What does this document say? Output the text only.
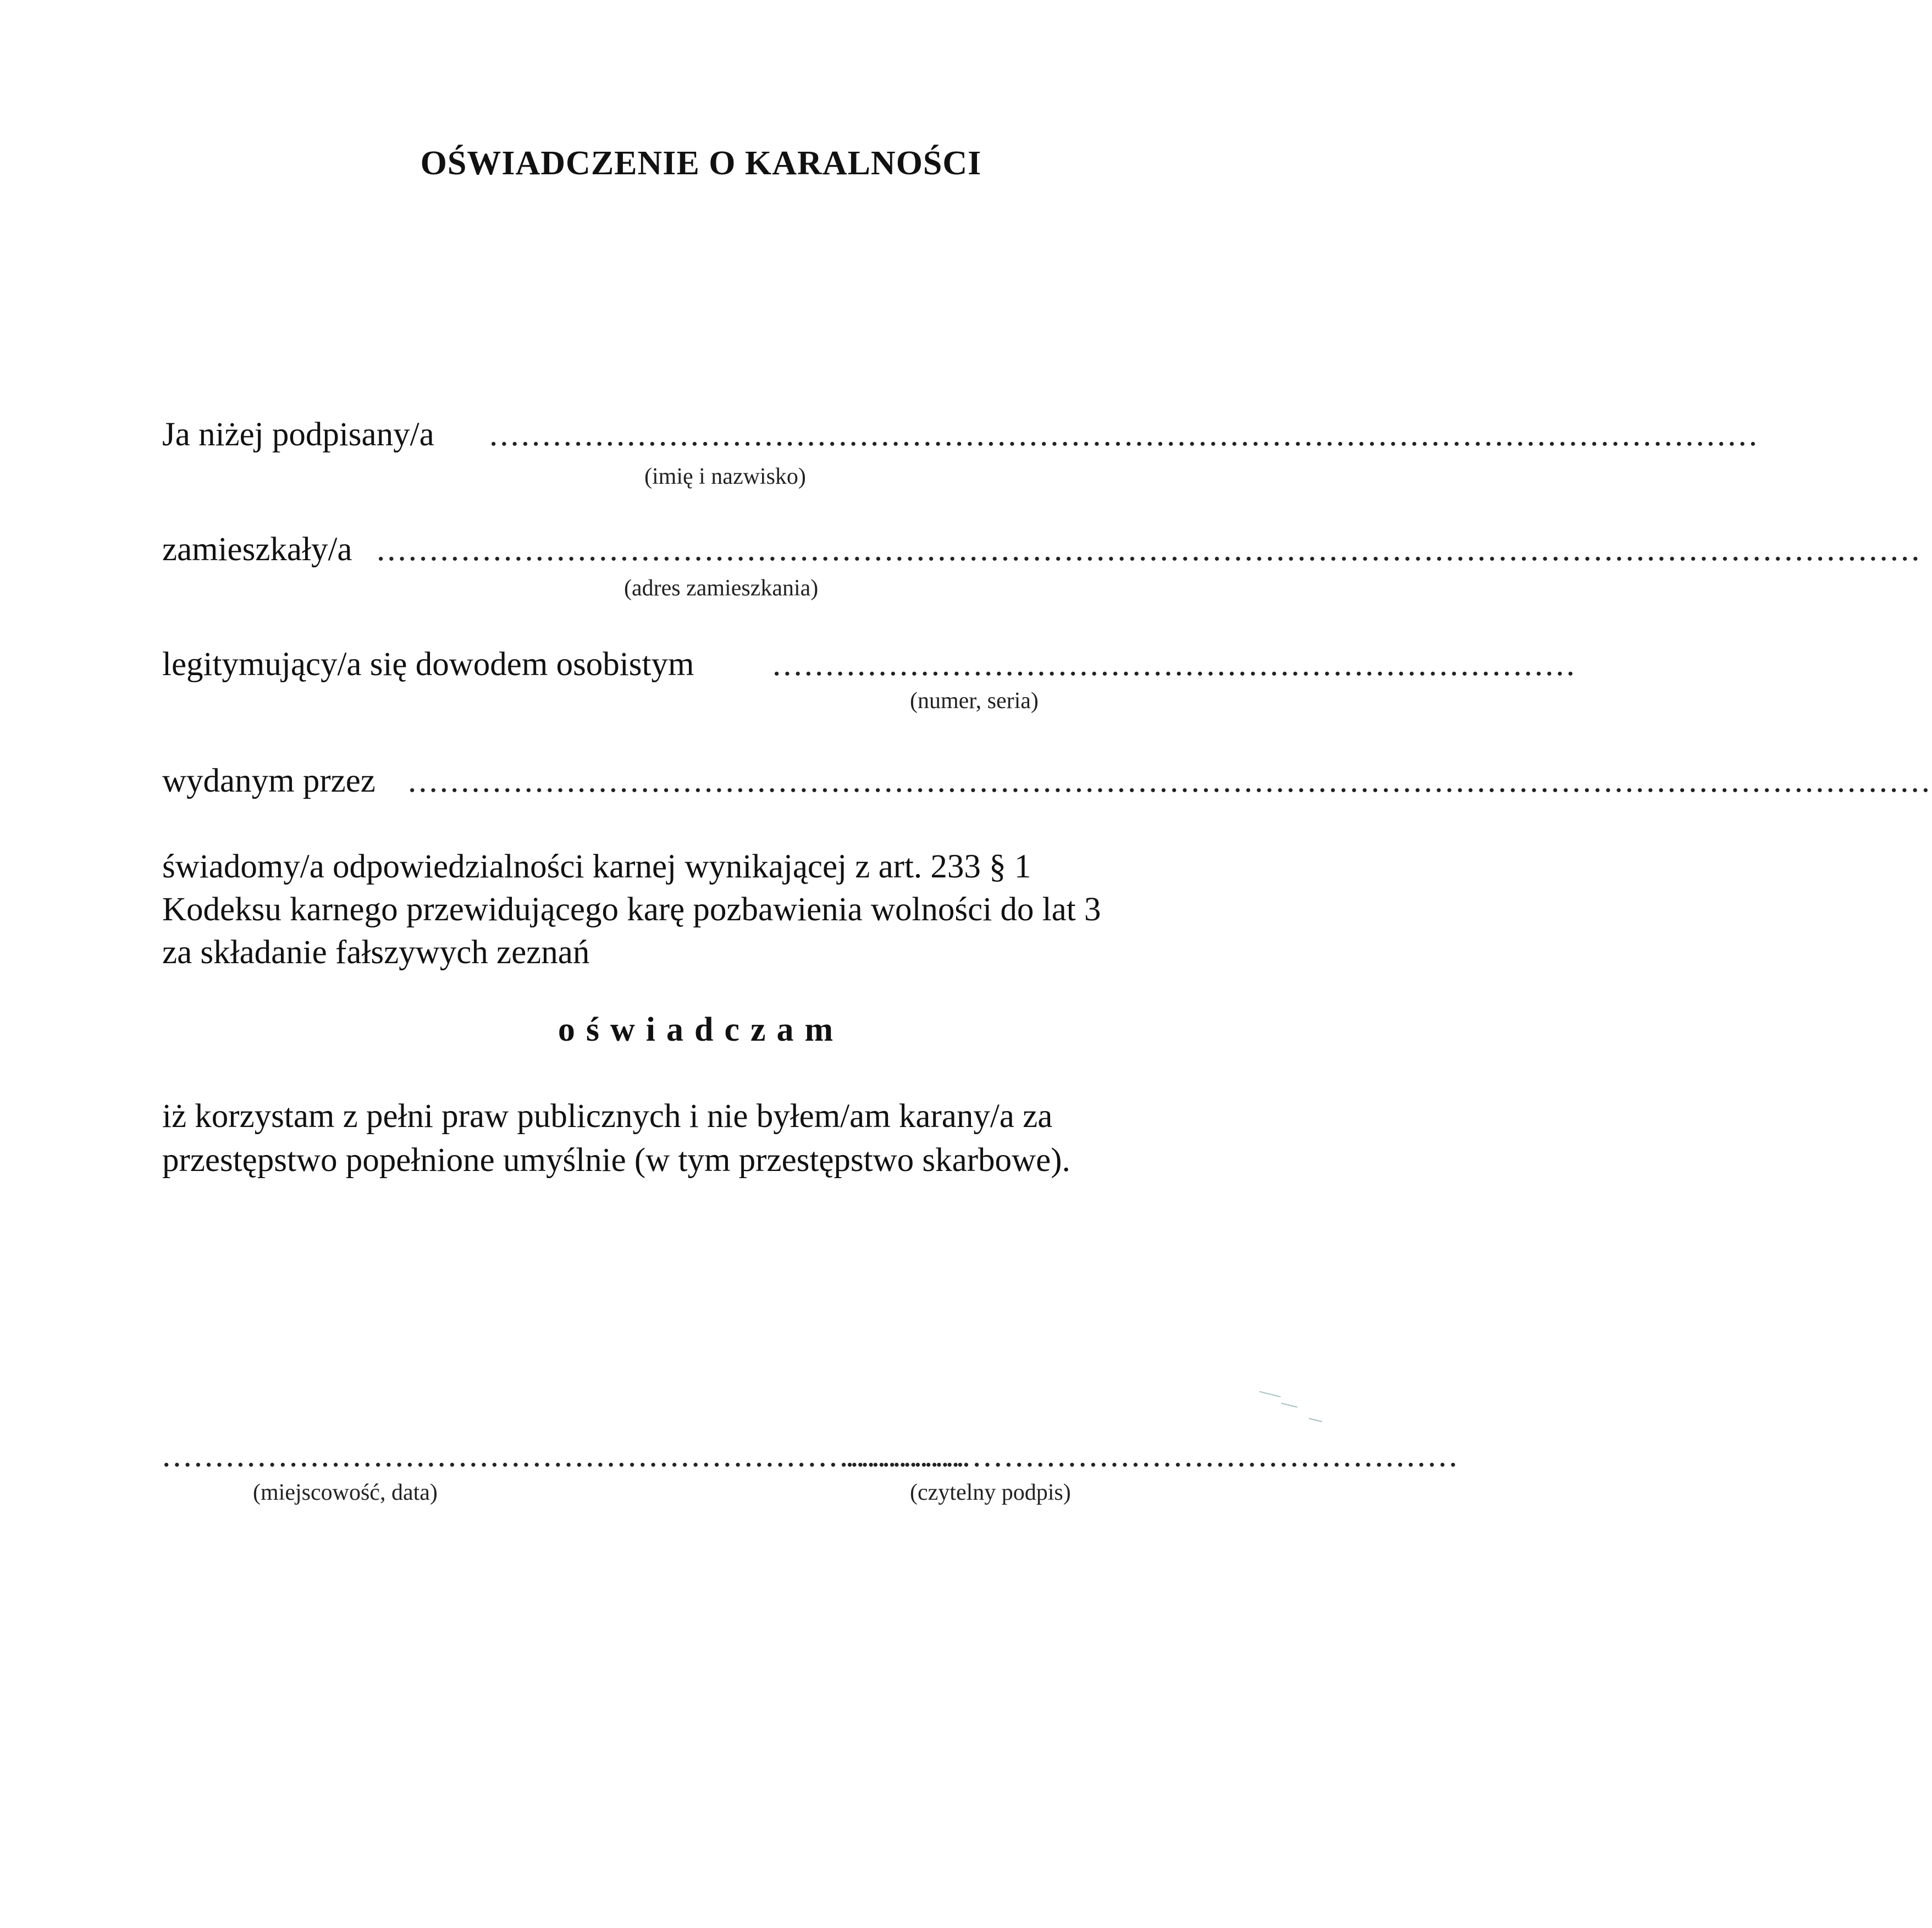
OŚWIADCZENIE O KARALNOŚCI
Ja niżej podpisany/a ........................................................................................................................
(imię i nazwisko)
zamieszkały/a ..................................................................................................................................................
(adres zamieszkania)
legitymujący/a się dowodem osobistym ............................................................................
(numer, seria)
wydanym przez ................................................................................................................................................
świadomy/a odpowiedzialności karnej wynikającej z art. 233 § 1
Kodeksu karnego przewidującego karę pozbawienia wolności do lat 3
za składanie fałszywych zeznań
oświadczam
iż korzystam z pełni praw publicznych i nie byłem/am karany/a za
przestępstwo popełnione umyślnie (w tym przestępstwo skarbowe).
............................................................................
(miejscowość, data)
..........................................................
(czytelny podpis)
